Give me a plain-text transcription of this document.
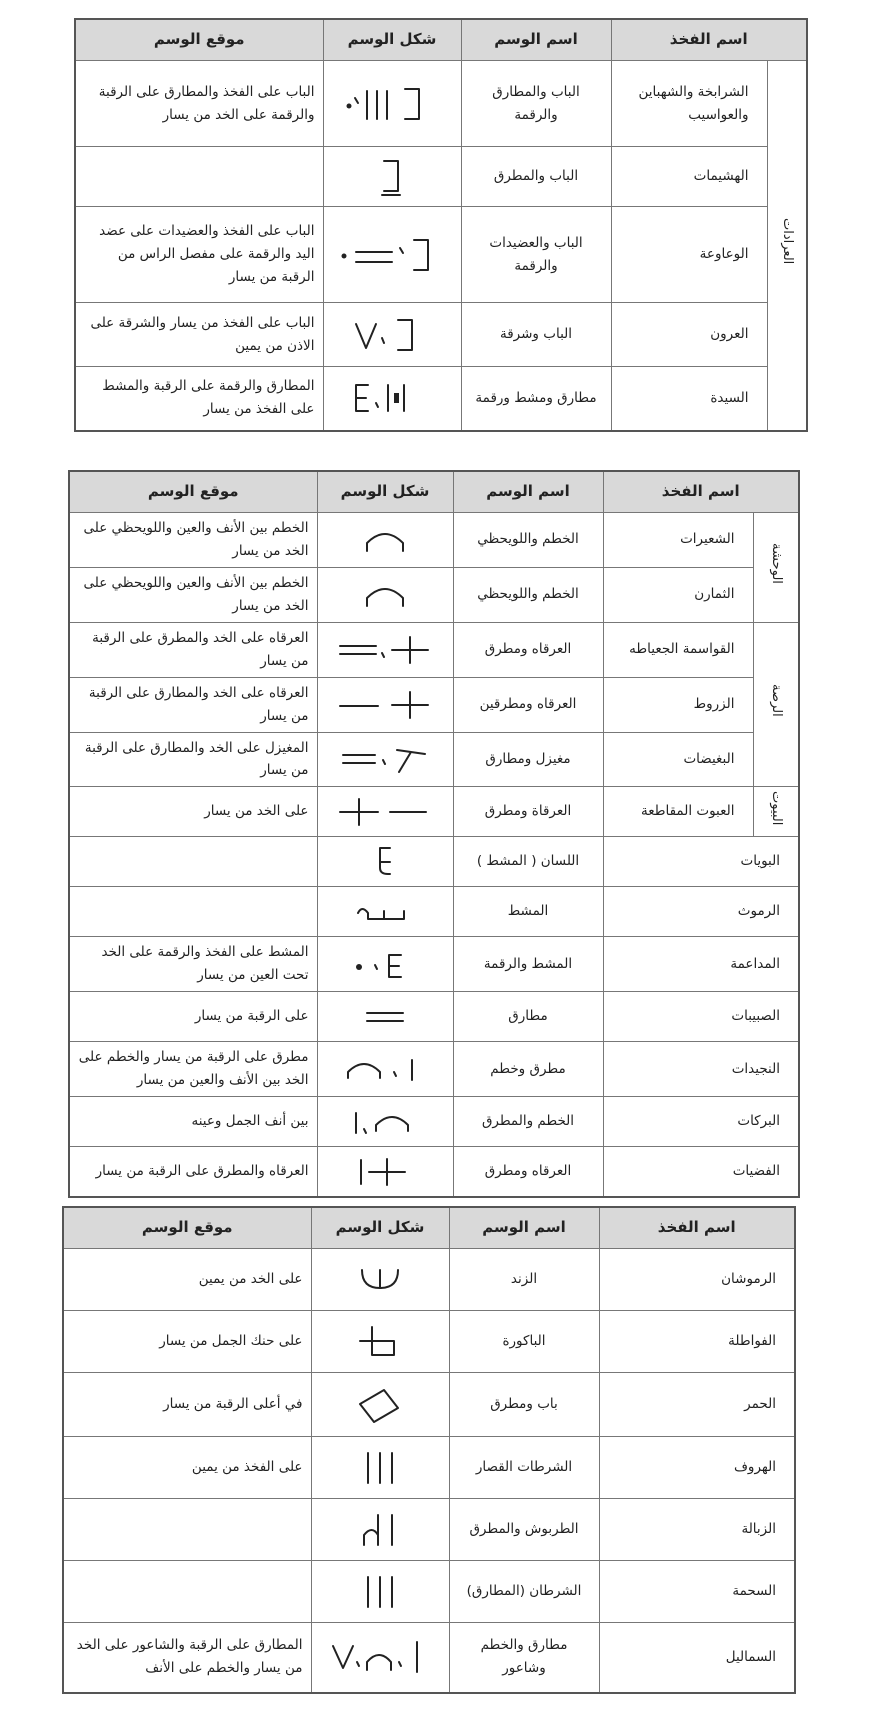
اسم الفخذ		اسم الوسم	شكل الوسم	موقع الوسم
العرادات	الشرابخة والشهباين والعواسيب	الباب والمطارق والرقمة		الباب على الفخذ والمطارق على الرقبة والرقمة على الخد من يسار
	الهشيمات	الباب والمطرق	

	الوعاوعة	الباب والعضيدات والرقمة		الباب على الفخذ والعضيدات على عضد اليد والرقمة على مفصل الراس من الرقبة من يسار
	العرون	الباب وشرقة		الباب على الفخذ من يسار والشرقة على الاذن من يمين
	السيدة	مطارق ومشط ورقمة		المطارق والرقمة على الرقبة والمشط على الفخذ من يسار
اسم الفخذ		اسم الوسم	شكل الوسم	موقع الوسم
الوحشة	الشعيرات	الخطم واللويحظي		الخطم بين الأنف والعين واللويحظي على الخد من يسار
	الثمارن	الخطم واللويحظي		الخطم بين الأنف والعين واللويحظي على الخد من يسار
الرصة	القواسمة الجعياطه	العرقاه ومطرق		العرقاه على الخد والمطرق على الرقبة من يسار
	الزروط	العرقاه ومطرقين		العرقاه على الخد والمطارق على الرقبة من يسار
	البغيضات	مغيزل ومطارق		المغيزل على الخد والمطارق على الرقبة من يسار
البيوت	العبوت المقاطعة	العرقاة ومطرق		على الخد من يسار
البويات		اللسان ( المشط )	

الرموث		المشط	

المداعمة		المشط والرقمة		المشط على الفخذ والرقمة على الخد تحت العين من يسار
الصبيبات		مطارق		على الرقبة من يسار
النجيدات		مطرق وخطم		مطرق على الرقبة من يسار والخطم على الخد بين الأنف والعين من يسار
البركات		الخطم والمطرق		بين أنف الجمل وعينه
الفضيات		العرقاه ومطرق		العرقاه والمطرق على الرقبة من يسار
اسم الفخذ	اسم الوسم	شكل الوسم	موقع الوسم
الرموشان	الزند		على الخد من يمين
الفواطلة	الباكورة		على حنك الجمل من يسار
الحمر	باب ومطرق		في أعلى الرقبة من يسار
الهروف	الشرطات القصار		على الفخذ من يمين
الزبالة	الطربوش والمطرق	

السحمة	الشرطان (المطارق)	

السماليل	مطارق والخطم وشاعور		المطارق على الرقبة والشاعور على الخد من يسار والخطم على الأنف
